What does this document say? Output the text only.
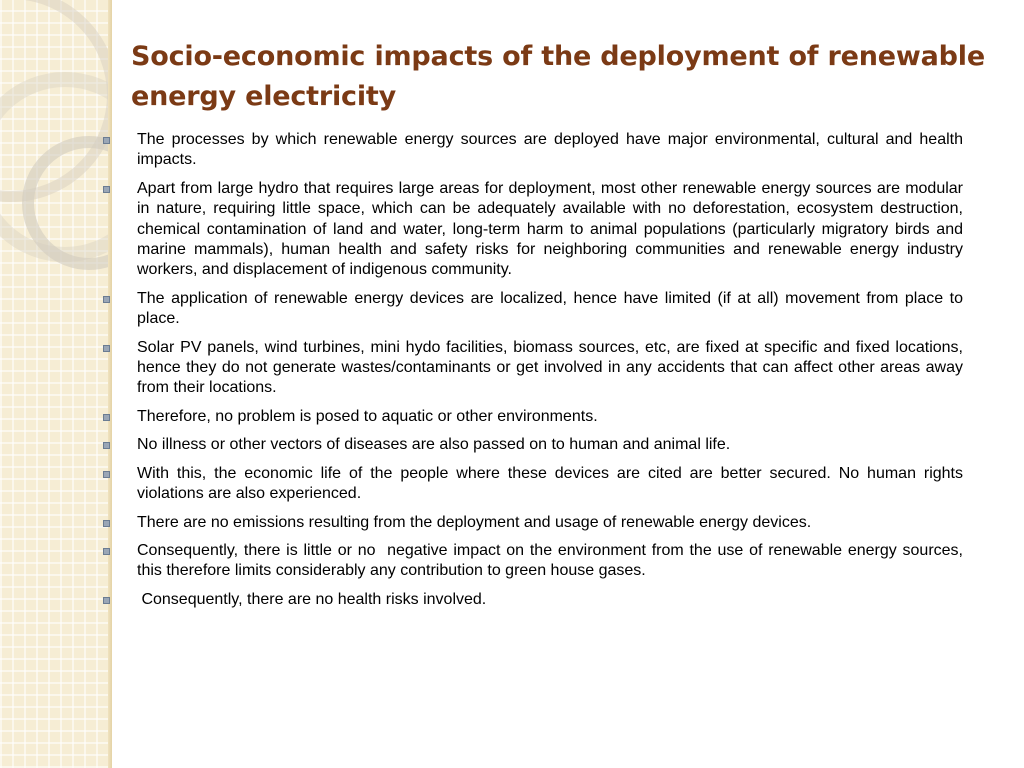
Socio-economic impacts of the deployment of renewable energy electricity
The processes by which renewable energy sources are deployed have major environmental, cultural and health impacts.
Apart from large hydro that requires large areas for deployment, most other renewable energy sources are modular in nature, requiring little space, which can be adequately available with no deforestation, ecosystem destruction, chemical contamination of land and water, long-term harm to animal populations (particularly migratory birds and marine mammals), human health and safety risks for neighboring communities and renewable energy industry workers, and displacement of indigenous community.
The application of renewable energy devices are localized, hence have limited (if at all) movement from place to place.
Solar PV panels, wind turbines, mini hydo facilities, biomass sources, etc, are fixed at specific and fixed locations, hence they do not generate wastes/contaminants or get involved in any accidents that can affect other areas away from their locations.
Therefore, no problem is posed to aquatic or other environments.
No illness or other vectors of diseases are also passed on to human and animal life.
With this, the economic life of the people where these devices are cited are better secured. No human rights violations are also experienced.
There are no emissions resulting from the deployment and usage of renewable energy devices.
Consequently, there is little or no  negative impact on the environment from the use of renewable energy sources, this therefore limits considerably any contribution to green house gases.
Consequently, there are no health risks involved.
